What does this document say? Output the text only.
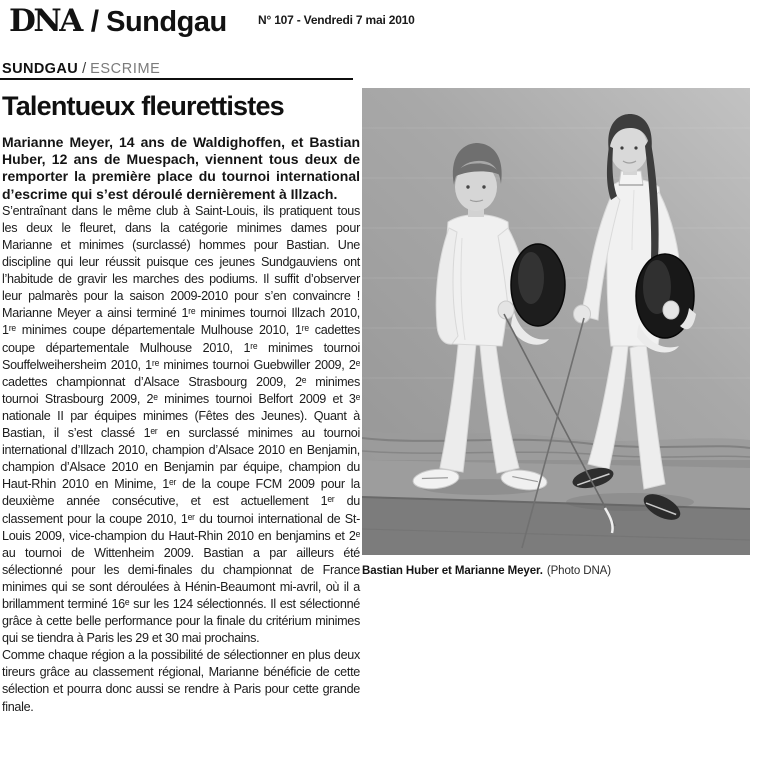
DNA / Sundgau	N° 107 - Vendredi 7 mai 2010
SUNDGAU / ESCRIME
Talentueux fleurettistes

Marianne Meyer, 14 ans de Waldighoffen, et Bastian Huber, 12 ans de Muespach, viennent tous deux de remporter la première place du tournoi international d’escrime qui s’est déroulé dernièrement à Illzach.

S’entraînant dans le même club à Saint-Louis, ils pratiquent tous les deux le fleuret, dans la catégorie minimes dames pour Marianne et minimes (surclassé) hommes pour Bastian. Une discipline qui leur réussit puisque ces jeunes Sundgauviens ont l’habitude de gravir les marches des podiums. Il suffit d’observer leur palmarès pour la saison 2009-2010 pour s’en convaincre ! Marianne Meyer a ainsi terminé 1ʳᵉ minimes tournoi Illzach 2010, 1ʳᵉ minimes coupe départementale Mulhouse 2010, 1ʳᵉ cadettes coupe départementale Mulhouse 2010, 1ʳᵉ minimes tournoi Souffelweihersheim 2010, 1ʳᵉ minimes tournoi Guebwiller 2009, 2ᵉ cadettes championnat d’Alsace Strasbourg 2009, 2ᵉ minimes tournoi Strasbourg 2009, 2ᵉ minimes tournoi Belfort 2009 et 3ᵉ nationale II par équipes minimes (Fêtes des Jeunes). Quant à Bastian, il s’est classé 1ᵉʳ en surclassé minimes au tournoi international d’Illzach 2010, champion d’Alsace 2010 en Benjamin, champion d’Alsace 2010 en Benjamin par équipe, champion du Haut-Rhin 2010 en Minime, 1ᵉʳ de la coupe FCM 2009 pour la deuxième année consécutive, et est actuellement 1ᵉʳ du classement pour la coupe 2010, 1ᵉʳ du tournoi international de St-Louis 2009, vice-champion du Haut-Rhin 2010 en benjamins et 2ᵉ au tournoi de Wittenheim 2009. Bastian a par ailleurs été sélectionné pour les demi-finales du championnat de France minimes qui se sont déroulées à Hénin-Beaumont mi-avril, où il a brillamment terminé 16ᵉ sur les 124 sélectionnés. Il est sélectionné grâce à cette belle performance pour la finale du critérium minimes qui se tiendra à Paris les 29 et 30 mai prochains.

Comme chaque région a la possibilité de sélectionner en plus deux tireurs grâce au classement régional, Marianne bénéficie de cette sélection et pourra donc aussi se rendre à Paris pour cette grande finale.

Bastian Huber et Marianne Meyer. (Photo DNA)
